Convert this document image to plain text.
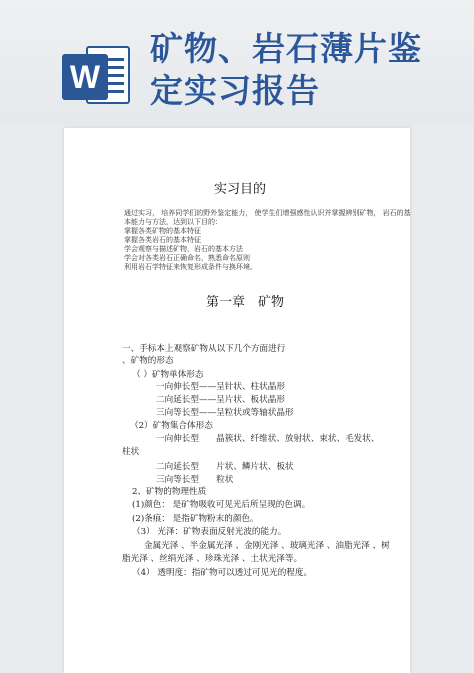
W
矿物、岩石薄片鉴
定实习报告
实习目的
通过实习， 培养同学们的野外鉴定能力， 使学生们增强感性认识并掌握辨别矿物， 岩石的基
本能力与方法，达到以下目的：
掌握各类矿物的基本特征
掌握各类岩石的基本特征
学会观察与描述矿物，岩石的基本方法
学会对各类岩石正确命名，熟悉命名原则
利用岩石学特征来恢复形成条件与换环境。
第一章　矿物
一、手标本上观察矿物从以下几个方面进行
、矿物的形态
（ ）矿物单体形态
一向伸长型——呈针状、柱状晶形
二向延长型——呈片状、板状晶形
三向等长型——呈粒状或等轴状晶形
（2）矿物集合体形态
一向伸长型　　晶簇状、纤维状、放射状、束状、毛发状、
柱状
二向延长型　　片状、鳞片状、板状
三向等长型　　粒状
2、矿物的物理性质
(1)颜色： 是矿物吸收可见光后所呈现的色调。
(2)条痕： 是指矿物粉末的颜色。
（3） 光泽：矿物表面反射光波的能力。
金属光泽 、半金属光泽 、金刚光泽 、玻璃光泽 、油脂光泽 、树
脂光泽 、丝绢光泽 、珍珠光泽 、土状光泽等。
（4） 透明度：指矿物可以透过可见光的程度。
